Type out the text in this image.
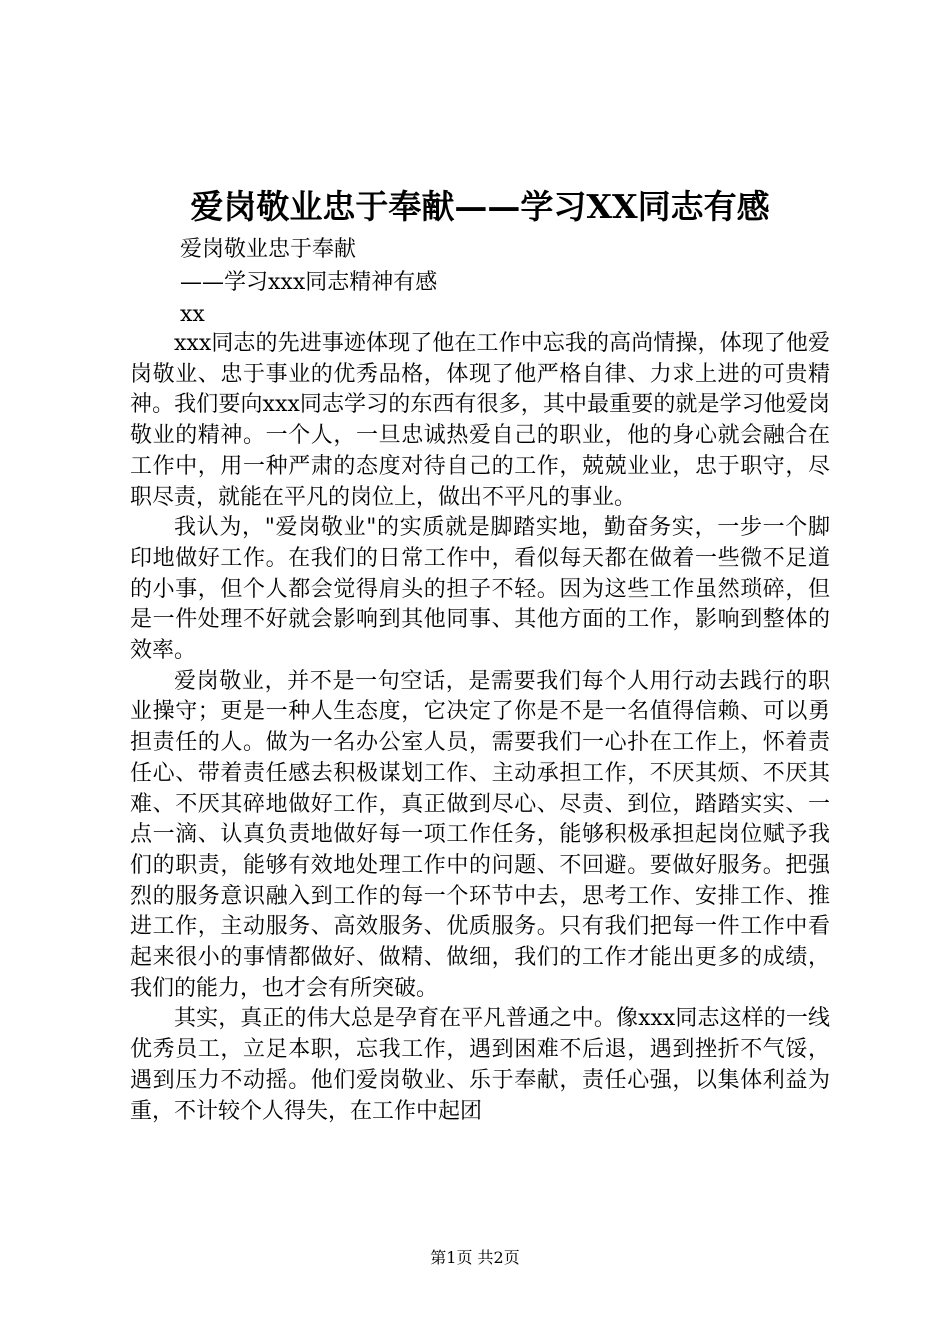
爱岗敬业忠于奉献——学习XX同志有感
爱岗敬业忠于奉献
——学习xxx同志精神有感
xx

xxx同志的先进事迹体现了他在工作中忘我的高尚情操，体现了他爱岗敬业、忠于事业的优秀品格，体现了他严格自律、力求上进的可贵精神。我们要向xxx同志学习的东西有很多，其中最重要的就是学习他爱岗敬业的精神。一个人，一旦忠诚热爱自己的职业，他的身心就会融合在工作中，用一种严肃的态度对待自己的工作，兢兢业业，忠于职守，尽职尽责，就能在平凡的岗位上，做出不平凡的事业。

我认为，"爱岗敬业"的实质就是脚踏实地，勤奋务实，一步一个脚印地做好工作。在我们的日常工作中，看似每天都在做着一些微不足道的小事，但个人都会觉得肩头的担子不轻。因为这些工作虽然琐碎，但是一件处理不好就会影响到其他同事、其他方面的工作，影响到整体的效率。

爱岗敬业，并不是一句空话，是需要我们每个人用行动去践行的职业操守；更是一种人生态度，它决定了你是不是一名值得信赖、可以勇担责任的人。做为一名办公室人员，需要我们一心扑在工作上，怀着责任心、带着责任感去积极谋划工作、主动承担工作，不厌其烦、不厌其难、不厌其碎地做好工作，真正做到尽心、尽责、到位，踏踏实实、一点一滴、认真负责地做好每一项工作任务，能够积极承担起岗位赋予我们的职责，能够有效地处理工作中的问题、不回避。要做好服务。把强烈的服务意识融入到工作的每一个环节中去，思考工作、安排工作、推进工作，主动服务、高效服务、优质服务。只有我们把每一件工作中看起来很小的事情都做好、做精、做细，我们的工作才能出更多的成绩，我们的能力，也才会有所突破。

其实，真正的伟大总是孕育在平凡普通之中。像xxx同志这样的一线优秀员工，立足本职，忘我工作，遇到困难不后退，遇到挫折不气馁，遇到压力不动摇。他们爱岗敬业、乐于奉献，责任心强，以集体利益为重，不计较个人得失，在工作中起团

第1页 共2页
